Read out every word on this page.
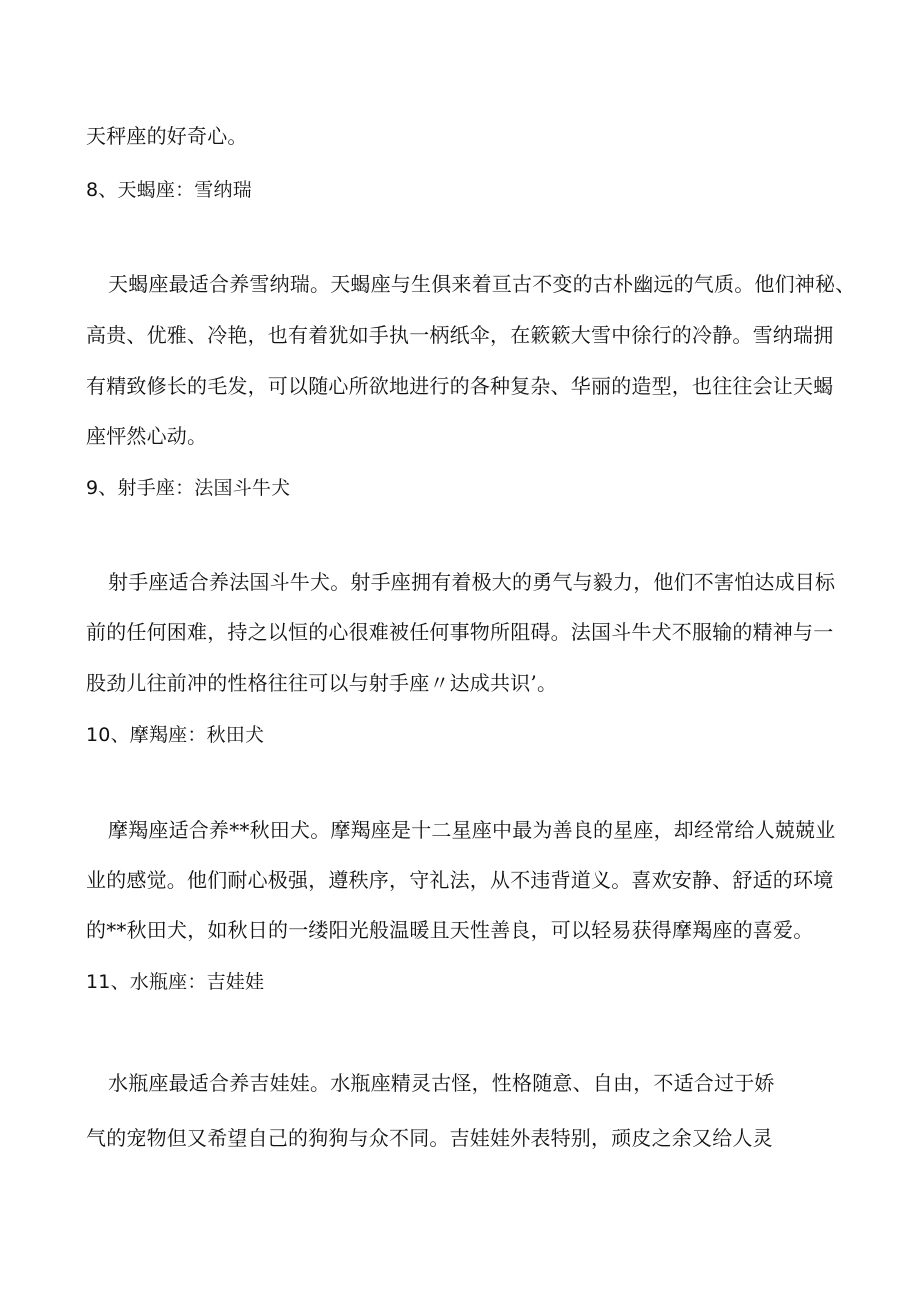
天秤座的好奇心。
8、天蝎座：雪纳瑞
天蝎座最适合养雪纳瑞。天蝎座与生俱来着亘古不变的古朴幽远的气质。他们神秘、
高贵、优雅、冷艳，也有着犹如手执一柄纸伞，在簌簌大雪中徐行的冷静。雪纳瑞拥
有精致修长的毛发，可以随心所欲地进行的各种复杂、华丽的造型，也往往会让天蝎
座怦然心动。
9、射手座：法国斗牛犬
射手座适合养法国斗牛犬。射手座拥有着极大的勇气与毅力，他们不害怕达成目标
前的任何困难，持之以恒的心很难被任何事物所阻碍。法国斗牛犬不服输的精神与一
股劲儿往前冲的性格往往可以与射手座〃达成共识’。
10、摩羯座：秋田犬
摩羯座适合养**秋田犬。摩羯座是十二星座中最为善良的星座，却经常给人兢兢业
业的感觉。他们耐心极强，遵秩序，守礼法，从不违背道义。喜欢安静、舒适的环境
的**秋田犬，如秋日的一缕阳光般温暖且天性善良，可以轻易获得摩羯座的喜爱。
11、水瓶座：吉娃娃
水瓶座最适合养吉娃娃。水瓶座精灵古怪，性格随意、自由，不适合过于娇
气的宠物但又希望自己的狗狗与众不同。吉娃娃外表特别，顽皮之余又给人灵
